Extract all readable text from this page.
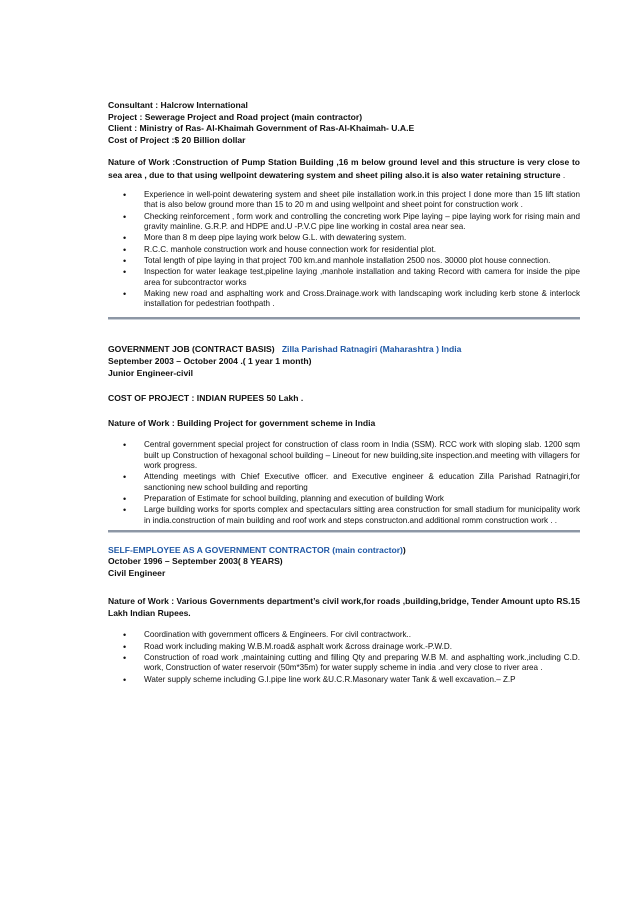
Consultant : Halcrow International
Project : Sewerage Project and Road project (main contractor)
Client : Ministry of Ras- Al-Khaimah Government of Ras-Al-Khaimah- U.A.E
Cost of Project :$ 20 Billion dollar
Nature of Work :Construction of Pump Station Building ,16 m below ground level and this structure is very close to sea area , due to that using wellpoint dewatering system and sheet piling also.it is also water retaining structure .
• Experience in well-point dewatering system and sheet pile installation work.in this project I done more than 15 lift station that is also below ground more than 15 to 20 m and using wellpoint and sheet point for construction work .
• Checking reinforcement , form work and controlling the concreting work Pipe laying – pipe laying work for rising main and gravity mainline. G.R.P. and HDPE and.U -P.V.C pipe line working in costal area near sea.
• More than 8 m deep pipe laying work below G.L. with dewatering system.
• R.C.C. manhole construction work and house connection work for residential plot.
• Total length of pipe laying in that project 700 km.and manhole installation 2500 nos. 30000 plot house connection.
• Inspection for water leakage test,pipeline laying ,manhole installation and taking Record with camera for inside the pipe area for subcontractor works
• Making new road and asphalting work and Cross.Drainage.work with landscaping work including kerb stone & interlock installation for pedestrian foothpath .
GOVERNMENT JOB (CONTRACT BASIS) Zilla Parishad Ratnagiri (Maharashtra ) India
September 2003 – October 2004 .( 1 year 1 month)
Junior Engineer-civil
COST OF PROJECT : INDIAN RUPEES 50 Lakh .
Nature of Work : Building Project for government scheme in India
• Central government special project for construction of class room in India (SSM). RCC work with sloping slab. 1200 sqm built up Construction of hexagonal school building – Lineout for new building,site inspection.and meeting with villagers for work progress.
• Attending meetings with Chief Executive officer. and Executive engineer & education Zilla Parishad Ratnagiri,for sanctioning new school building and reporting
• Preparation of Estimate for school building, planning and execution of building Work
• Large building works for sports complex and spectaculars sitting area construction for small stadium for municipality work in india.construction of main building and roof work and steps constructon.and additional romm construction work . .
SELF-EMPLOYEE AS A GOVERNMENT CONTRACTOR (main contractor))
October 1996 – September 2003( 8 YEARS)
Civil Engineer
Nature of Work : Various Governments department’s civil work,for roads ,building,bridge, Tender Amount upto RS.15 Lakh Indian Rupees.
• Coordination with government officers & Engineers. For civil contractwork..
• Road work including making W.B.M.road& asphalt work &cross drainage work.-P.W.D.
• Construction of road work ,maintaining cutting and filling Qty and preparing W.B M. and asphalting work.,including C.D. work, Construction of water reservoir (50m*35m) for water supply scheme in india .and very close to river area .
• Water supply scheme including G.I.pipe line work &U.C.R.Masonary water Tank & well excavation.– Z.P
